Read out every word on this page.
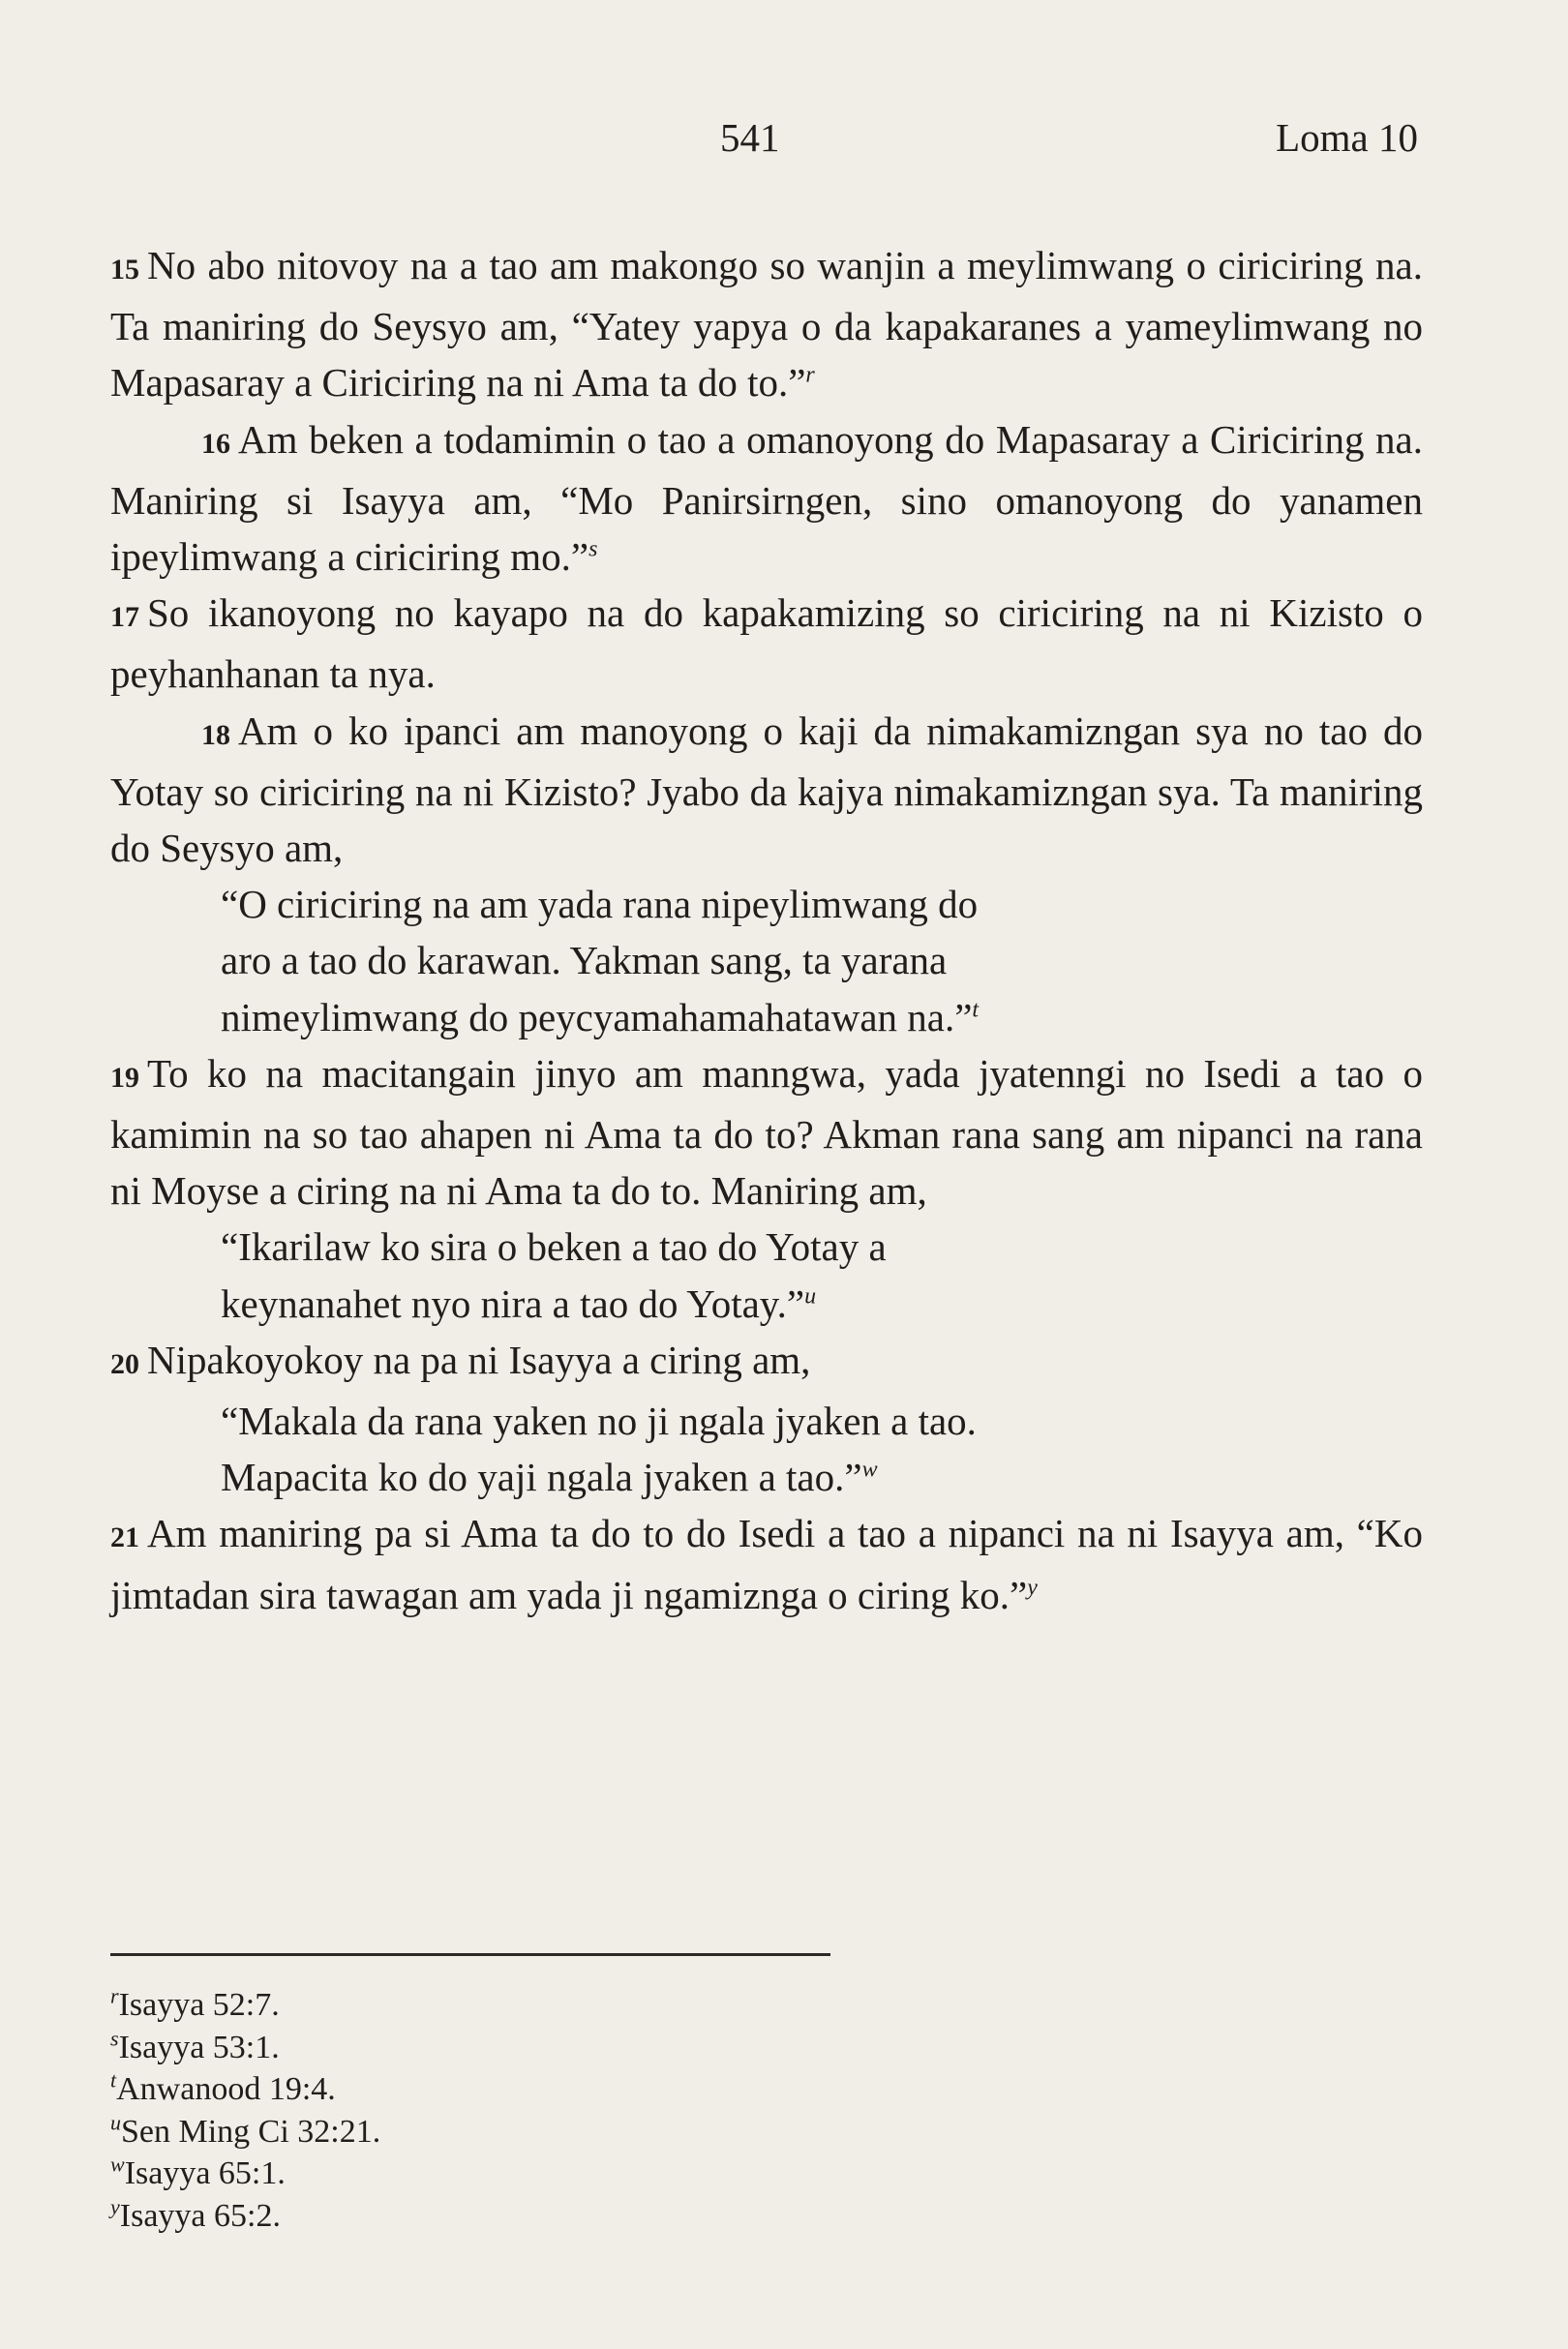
541	Loma 10

15 No abo nitovoy na a tao am makongo so wanjin a meylimwang o ciriciring na. Ta maniring do Seysyo am, “Yatey yapya o da kapakaranes a yameylimwang no Mapasaray a Ciriciring na ni Ama ta do to.”$^r$

16 Am beken a todamimin o tao a omanoyong do Mapasaray a Ciriciring na. Maniring si Isayya am, “Mo Panirsirngen, sino omanoyong do yanamen ipeylimwang a ciriciring mo.”$^s$

17 So ikanoyong no kayapo na do kapakamizing so ciriciring na ni Kizisto o peyhanhanan ta nya.

18 Am o ko ipanci am manoyong o kaji da nimakamizngan sya no tao do Yotay so ciriciring na ni Kizisto? Jyabo da kajya nimakamizngan sya. Ta maniring do Seysyo am,

“O ciriciring na am yada rana nipeylimwang do

aro a tao do karawan. Yakman sang, ta yarana

nimeylimwang do peycyamahamahatawan na.”$^t$

19 To ko na macitangain jinyo am manngwa, yada jyatenngi no Isedi a tao o kamimin na so tao ahapen ni Ama ta do to? Akman rana sang am nipanci na rana ni Moyse a ciring na ni Ama ta do to. Maniring am,

“Ikarilaw ko sira o beken a tao do Yotay a

keynanahet nyo nira a tao do Yotay.”$^u$

20 Nipakoyokoy na pa ni Isayya a ciring am,

“Makala da rana yaken no ji ngala jyaken a tao.

Mapacita ko do yaji ngala jyaken a tao.”$^w$

21 Am maniring pa si Ama ta do to do Isedi a tao a nipanci na ni Isayya am, “Ko jimtadan sira tawagan am yada ji ngamiznga o ciring ko.”$^y$

$^r$Isayya 52:7.

$^s$Isayya 53:1.

$^t$Anwanood 19:4.

$^u$Sen Ming Ci 32:21.

$^w$Isayya 65:1.

$^y$Isayya 65:2.
